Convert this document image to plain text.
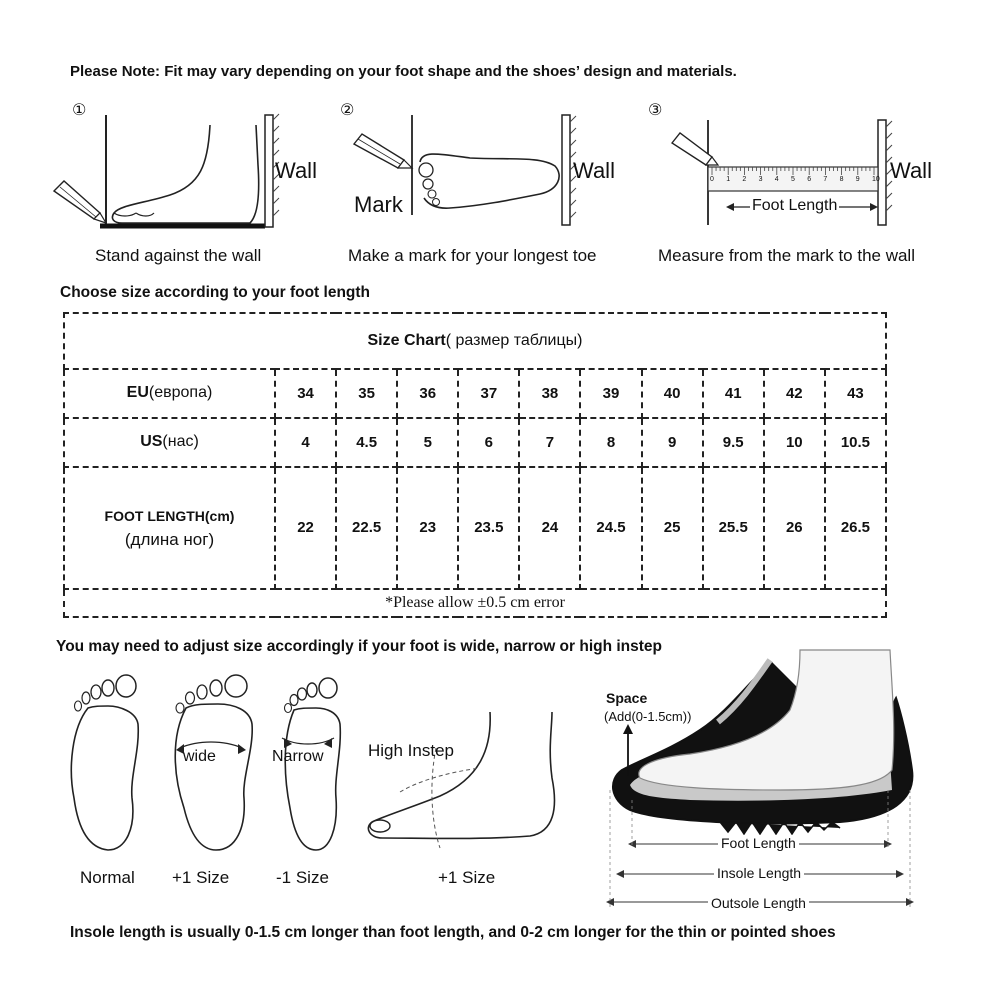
Please Note: Fit may vary depending on your foot shape and the shoes’ design and materials.
①
Wall
Stand against the wall
②
Mark
Wall
Make a mark for your longest toe
③
0 1 2 3 4 5 6 7 8 9 10
Foot Length
Wall
Measure from the mark to the wall
Choose size according to your foot length
Size Chart( размер таблицы)										
EU(европа)	34	35	36	37	38	39	40	41	42	43
US(нас)	4	4.5	5	6	7	8	9	9.5	10	10.5

FOOT LENGTH(cm)
(длина ног)	22	22.5	23	23.5	24	24.5	25	25.5	26	26.5
*Please allow ±0.5 cm error										
You may need to adjust size accordingly if your foot is wide, narrow or high instep
wide	Narrow	High Instep
Normal +1 Size	-1 Size	+1 Size
Space
(Add(0-1.5cm))
Foot Length
Insole Length
Outsole Length
Insole length is usually 0-1.5 cm longer than foot length, and 0-2 cm longer for the thin or pointed shoes
